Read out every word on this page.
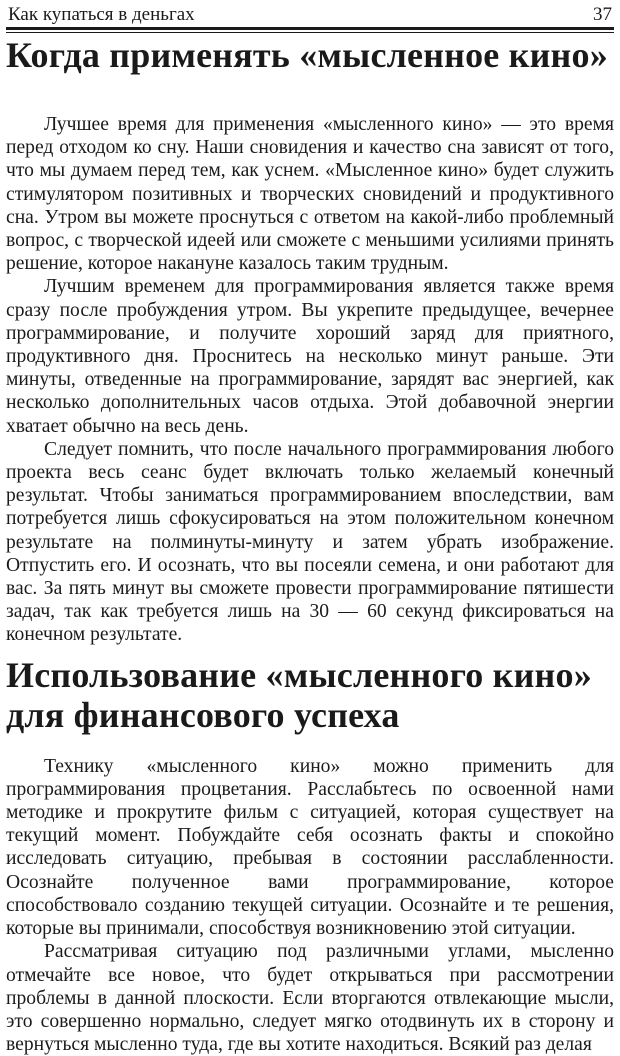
Как купаться в деньгах	37
Когда применять «мысленное кино»

Лучшее время для применения «мысленного кино» — это время перед отходом ко сну. Наши сновидения и качество сна зависят от того, что мы думаем перед тем, как уснем. «Мысленное кино» будет служить стимулятором позитивных и творческих сновидений и продуктивного сна. Утром вы можете проснуться с ответом на какой-либо проблемный вопрос, с творческой идеей или сможете с меньшими усилиями принять решение, которое накануне казалось таким трудным.

Лучшим временем для программирования является также время сразу после пробуждения утром. Вы укрепите предыдущее, вечернее программирование, и получите хороший заряд для приятного, продуктивного дня. Проснитесь на несколько минут раньше. Эти минуты, отведенные на программирование, зарядят вас энергией, как несколько дополнительных часов отдыха. Этой добавочной энергии хватает обычно на весь день.

Следует помнить, что после начального программирования любого проекта весь сеанс будет включать только желаемый конечный результат. Чтобы заниматься программированием впоследствии, вам потребуется лишь сфокусироваться на этом положительном конечном результате на полминуты-минуту и затем убрать изображение. Отпустить его. И осознать, что вы посеяли семена, и они работают для вас. За пять минут вы сможете провести программирование пятишести задач, так как требуется лишь на 30 — 60 секунд фиксироваться на конечном результате.

Использование «мысленного кино»
для финансового успеха

Технику «мысленного кино» можно применить для программирования процветания. Расслабьтесь по освоенной нами методике и прокрутите фильм с ситуацией, которая существует на текущий момент. Побуждайте себя осознать факты и спокойно исследовать ситуацию, пребывая в состоянии расслабленности. Осознайте полученное вами программирование, которое способствовало созданию текущей ситуации. Осознайте и те решения, которые вы принимали, способствуя возникновению этой ситуации.

Рассматривая ситуацию под различными углами, мысленно отмечайте все новое, что будет открываться при рассмотрении проблемы в данной плоскости. Если вторгаются отвлекающие мысли, это совершенно нормально, следует мягко отодвинуть их в сторону и вернуться мысленно туда, где вы хотите находиться. Всякий раз делая
